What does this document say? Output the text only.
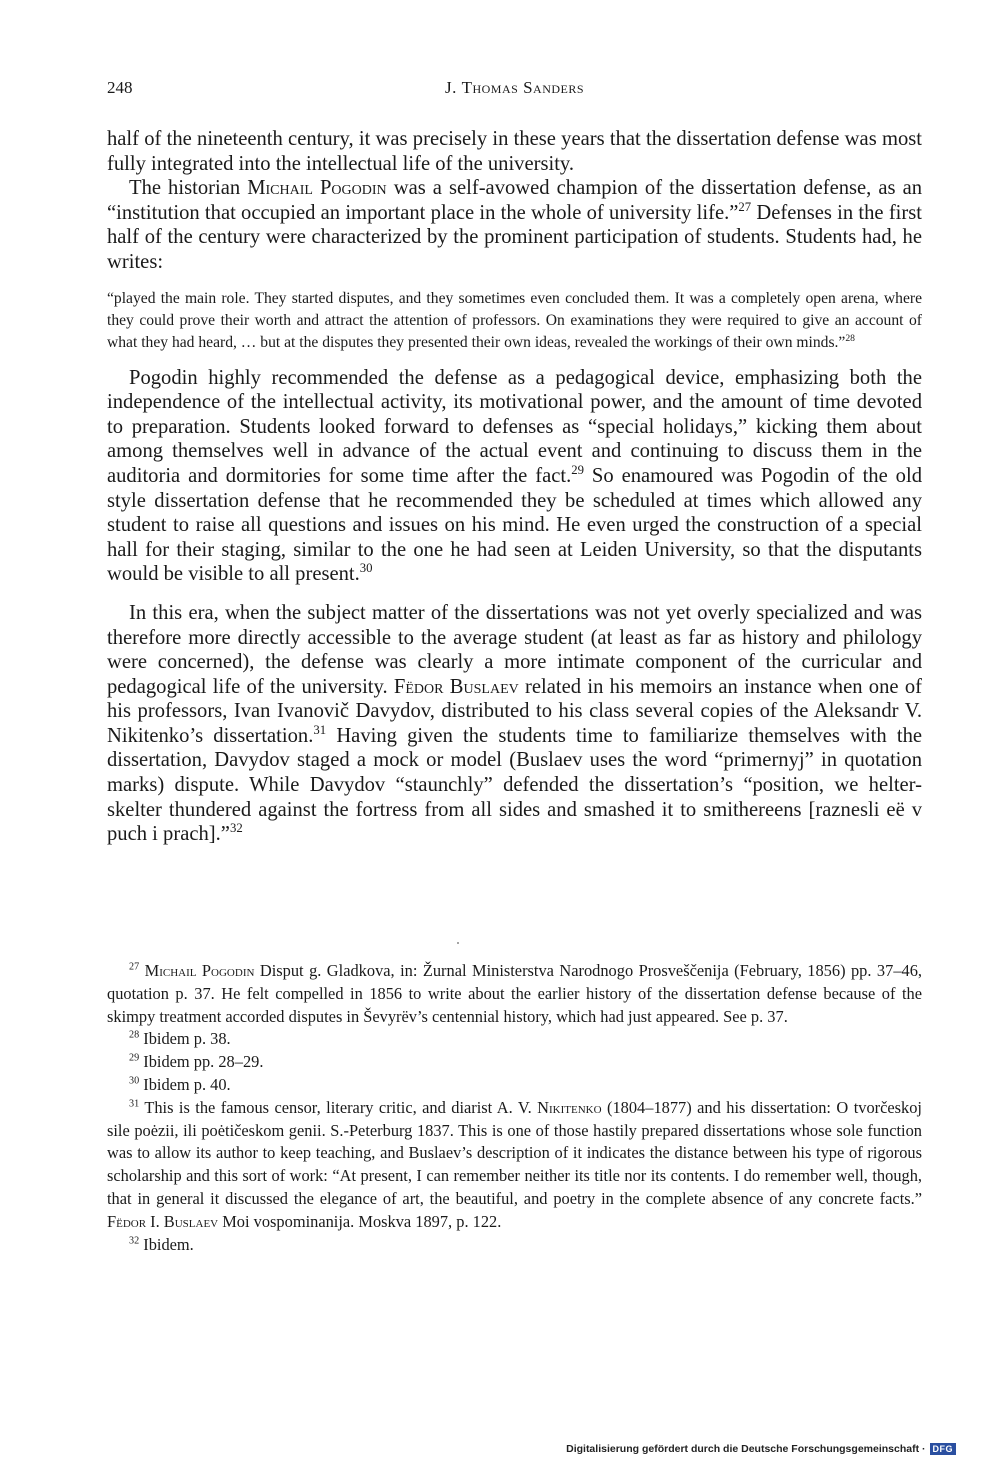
248	J. Thomas Sanders

half of the nineteenth century, it was precisely in these years that the dissertation defense was most fully integrated into the intellectual life of the university.

The historian Michail Pogodin was a self-avowed champion of the dissertation defense, as an “institution that occupied an important place in the whole of university life.”$^{27}$ Defenses in the first half of the century were characterized by the prominent participation of students. Students had, he writes:

“played the main role. They started disputes, and they sometimes even concluded them. It was a completely open arena, where they could prove their worth and attract the attention of professors. On examinations they were required to give an account of what they had heard, … but at the disputes they presented their own ideas, revealed the workings of their own minds.”$^{28}$

Pogodin highly recommended the defense as a pedagogical device, emphasizing both the independence of the intellectual activity, its motivational power, and the amount of time devoted to preparation. Students looked forward to defenses as “special holidays,” kicking them about among themselves well in advance of the actual event and continuing to discuss them in the auditoria and dormitories for some time after the fact.$^{29}$ So enamoured was Pogodin of the old style dissertation defense that he recommended they be scheduled at times which allowed any student to raise all questions and issues on his mind. He even urged the construction of a special hall for their staging, similar to the one he had seen at Leiden University, so that the disputants would be visible to all present.$^{30}$

In this era, when the subject matter of the dissertations was not yet overly specialized and was therefore more directly accessible to the average student (at least as far as history and philology were concerned), the defense was clearly a more intimate component of the curricular and pedagogical life of the university. Fëdor Buslaev related in his memoirs an instance when one of his professors, Ivan Ivanovič Davydov, distributed to his class several copies of the Aleksandr V. Nikitenko’s dissertation.$^{31}$ Having given the students time to familiarize themselves with the dissertation, Davydov staged a mock or model (Buslaev uses the word “primernyj” in quotation marks) dispute. While Davydov “staunchly” defended the dissertation’s “position, we helter-skelter thundered against the fortress from all sides and smashed it to smithereens [raznesli eë v puch i prach].”$^{32}$

$^{27}$ Michail Pogodin Disput g. Gladkova, in: Žurnal Ministerstva Narodnogo Prosveščenija (February, 1856) pp. 37–46, quotation p. 37. He felt compelled in 1856 to write about the earlier history of the dissertation defense because of the skimpy treatment accorded disputes in Ševyrëv’s centennial history, which had just appeared. See p. 37.

$^{28}$ Ibidem p. 38.

$^{29}$ Ibidem pp. 28–29.

$^{30}$ Ibidem p. 40.

$^{31}$ This is the famous censor, literary critic, and diarist A. V. Nikitenko (1804–1877) and his dissertation: O tvorčeskoj sile poėzii, ili poėtičeskom genii. S.-Peterburg 1837. This is one of those hastily prepared dissertations whose sole function was to allow its author to keep teaching, and Buslaev’s description of it indicates the distance between his type of rigorous scholarship and this sort of work: “At present, I can remember neither its title nor its contents. I do remember well, though, that in general it discussed the elegance of art, the beautiful, and poetry in the complete absence of any concrete facts.” Fëdor I. Buslaev Moi vospominanija. Moskva 1897, p. 122.

$^{32}$ Ibidem.

Digitalisierung gefördert durch die Deutsche Forschungsgemeinschaft · DFG
